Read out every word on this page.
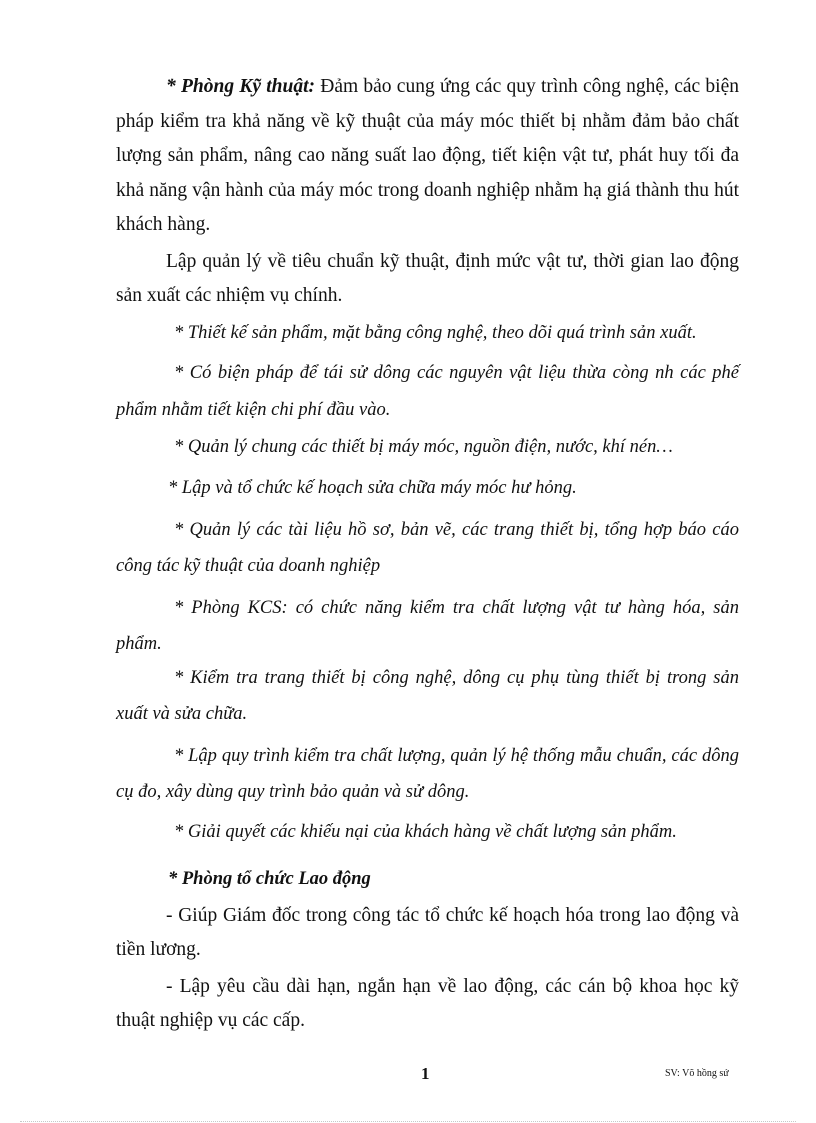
* Phòng Kỹ thuật: Đảm bảo cung ứng các quy trình công nghệ, các biện pháp kiểm tra khả năng về kỹ thuật của máy móc thiết bị nhằm đảm bảo chất lượng sản phẩm, nâng cao năng suất lao động, tiết kiện vật tư, phát huy tối đa khả năng vận hành của máy móc trong doanh nghiệp nhằm hạ giá thành thu hút khách hàng.

Lập quản lý về tiêu chuẩn kỹ thuật, định mức vật tư, thời gian lao động sản xuất các nhiệm vụ chính.

* Thiết kế sản phẩm, mặt bằng công nghệ, theo dõi quá trình sản xuất.

* Có biện pháp để tái sử dông các nguyên vật liệu thừa còng nh các phế phẩm nhằm tiết kiện chi phí đầu vào.

* Quản lý chung các thiết bị máy móc, nguồn điện, nước, khí nén…

* Lập và tổ chức kế hoạch sửa chữa máy móc hư hỏng.

* Quản lý các tài liệu hồ sơ, bản vẽ, các trang thiết bị, tổng hợp báo cáo công tác kỹ thuật của doanh nghiệp

* Phòng KCS: có chức năng kiểm tra chất lượng vật tư hàng hóa, sản phẩm.

* Kiểm tra trang thiết bị công nghệ, dông cụ phụ tùng thiết bị trong sản xuất và sửa chữa.

* Lập quy trình kiểm tra chất lượng, quản lý hệ thống mẫu chuẩn, các dông cụ đo, xây dùng quy trình bảo quản và sử dông.

* Giải quyết các khiếu nại của khách hàng về chất lượng sản phẩm.

* Phòng tổ chức Lao động

- Giúp Giám đốc trong công tác tổ chức kế hoạch hóa trong lao động và tiền lương.

- Lập yêu cầu dài hạn, ngắn hạn về lao động, các cán bộ khoa học kỹ thuật nghiệp vụ các cấp.

1	SV: Võ hồng sứ
